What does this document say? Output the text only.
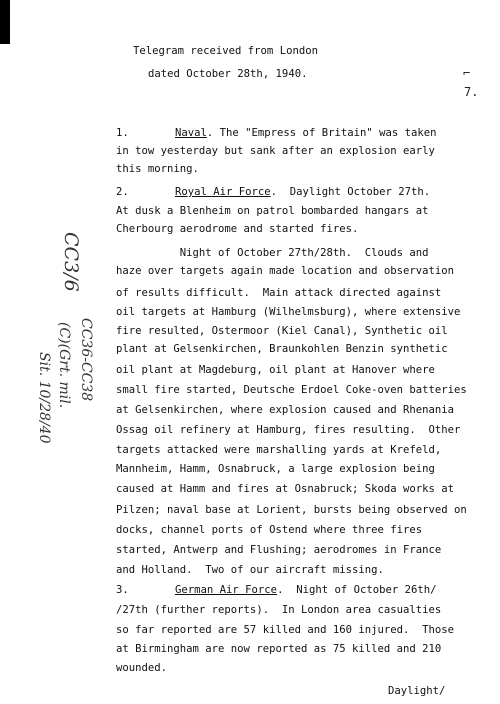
Telegram received from London
dated October 28th, 1940.	⌐
7.
1.	Naval. The "Empress of Britain" was taken
in tow yesterday but sank after an explosion early
this morning.
2.	Royal Air Force.  Daylight October 27th.
At dusk a Blenheim on patrol bombarded hangars at
Cherbourg aerodrome and started fires.
Night of October 27th/28th.  Clouds and
haze over targets again made location and observation
of results difficult.  Main attack directed against
oil targets at Hamburg (Wilhelmsburg), where extensive
fire resulted, Ostermoor (Kiel Canal), Synthetic oil
plant at Gelsenkirchen, Braunkohlen Benzin synthetic
oil plant at Magdeburg, oil plant at Hanover where
small fire started, Deutsche Erdoel Coke-oven batteries
at Gelsenkirchen, where explosion caused and Rhenania
Ossag oil refinery at Hamburg, fires resulting.  Other
targets attacked were marshalling yards at Krefeld,
Mannheim, Hamm, Osnabruck, a large explosion being
caused at Hamm and fires at Osnabruck; Skoda works at
Pilzen; naval base at Lorient, bursts being observed on
docks, channel ports of Ostend where three fires
started, Antwerp and Flushing; aerodromes in France
and Holland.  Two of our aircraft missing.
3.	German Air Force.  Night of October 26th/
/27th (further reports).  In London area casualties
so far reported are 57 killed and 160 injured.  Those
at Birmingham are now reported as 75 killed and 210
wounded.
Daylight/
CC3/6
CC36-CC38
(C)(Grt. mil.
Sit. 10/28/40
